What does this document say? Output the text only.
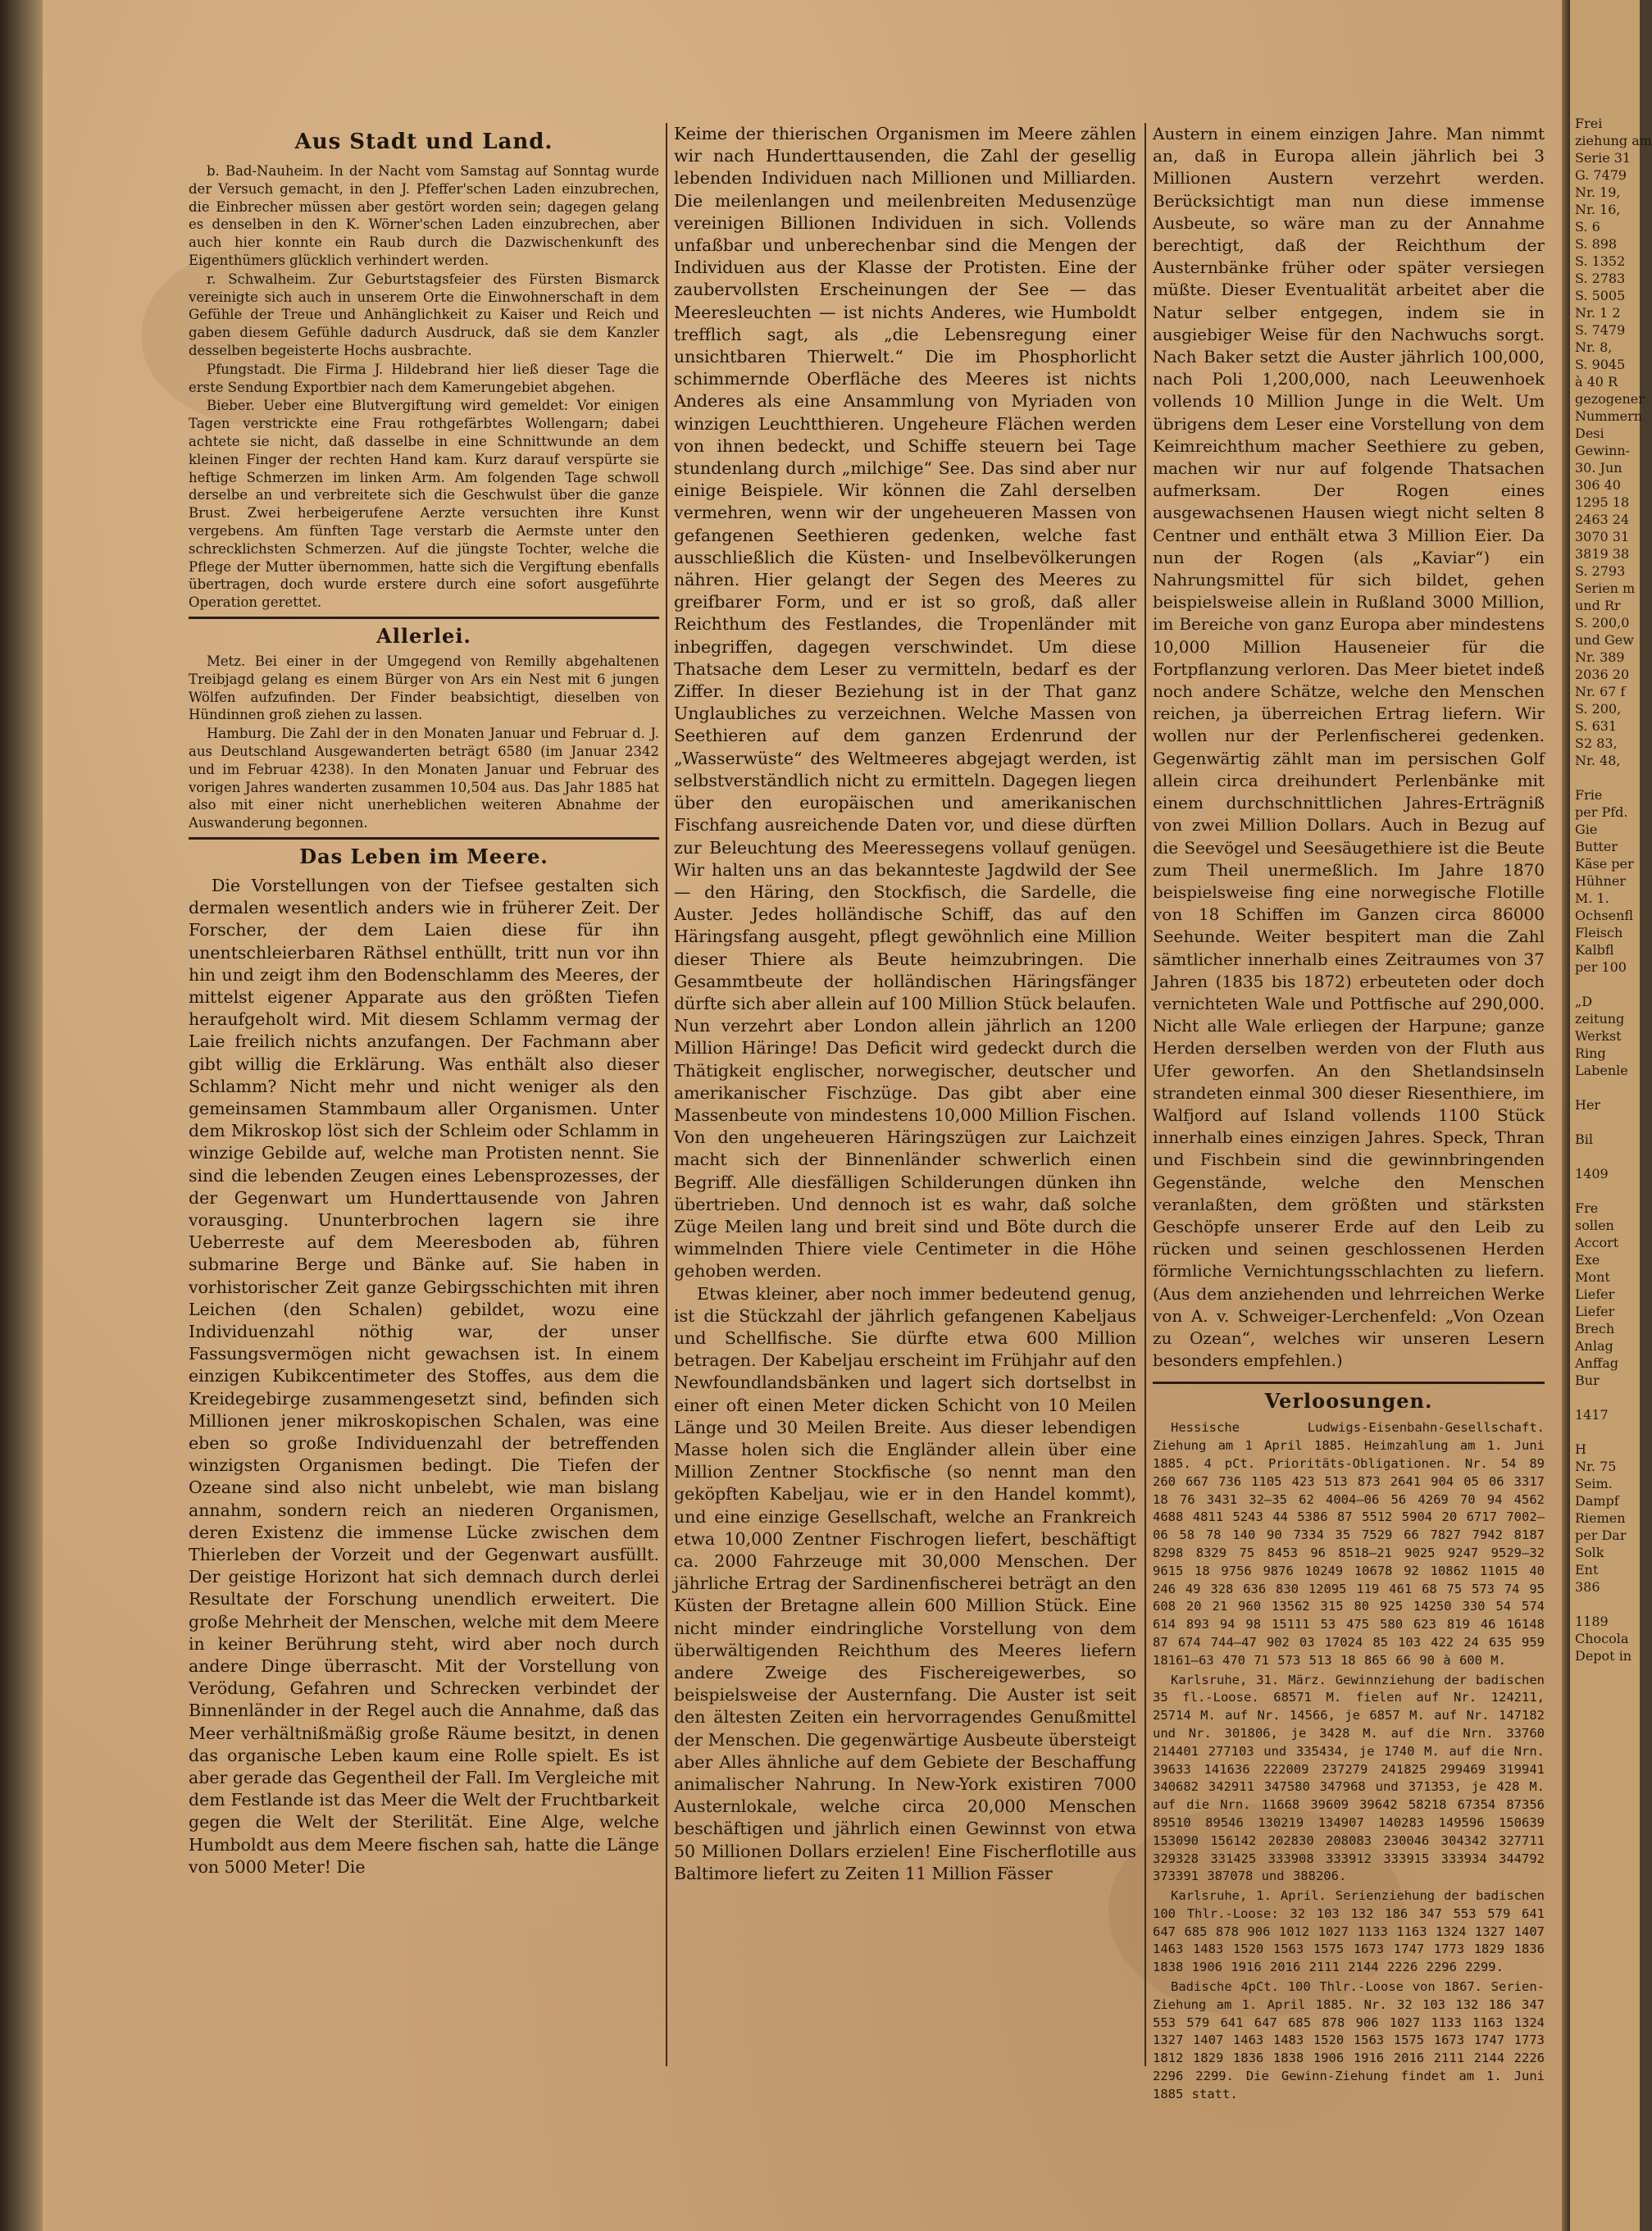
Aus Stadt und Land.

b. Bad-Nauheim. In der Nacht vom Samstag auf Sonntag wurde der Versuch gemacht, in den J. Pfeffer'schen Laden einzubrechen, die Einbrecher müssen aber gestört worden sein; dagegen gelang es denselben in den K. Wörner'schen Laden einzubrechen, aber auch hier konnte ein Raub durch die Dazwischenkunft des Eigenthümers glücklich verhindert werden.

r. Schwalheim. Zur Geburtstagsfeier des Fürsten Bismarck vereinigte sich auch in unserem Orte die Einwohnerschaft in dem Gefühle der Treue und Anhänglichkeit zu Kaiser und Reich und gaben diesem Gefühle dadurch Ausdruck, daß sie dem Kanzler desselben begeisterte Hochs ausbrachte.

Pfungstadt. Die Firma J. Hildebrand hier ließ dieser Tage die erste Sendung Exportbier nach dem Kamerungebiet abgehen.

Bieber. Ueber eine Blutvergiftung wird gemeldet: Vor einigen Tagen verstrickte eine Frau rothgefärbtes Wollengarn; dabei achtete sie nicht, daß dasselbe in eine Schnittwunde an dem kleinen Finger der rechten Hand kam. Kurz darauf verspürte sie heftige Schmerzen im linken Arm. Am folgenden Tage schwoll derselbe an und verbreitete sich die Geschwulst über die ganze Brust. Zwei herbeigerufene Aerzte versuchten ihre Kunst vergebens. Am fünften Tage verstarb die Aermste unter den schrecklichsten Schmerzen. Auf die jüngste Tochter, welche die Pflege der Mutter übernommen, hatte sich die Vergiftung ebenfalls übertragen, doch wurde erstere durch eine sofort ausgeführte Operation gerettet.

Allerlei.

Metz. Bei einer in der Umgegend von Remilly abgehaltenen Treibjagd gelang es einem Bürger von Ars ein Nest mit 6 jungen Wölfen aufzufinden. Der Finder beabsichtigt, dieselben von Hündinnen groß ziehen zu lassen.

Hamburg. Die Zahl der in den Monaten Januar und Februar d. J. aus Deutschland Ausgewanderten beträgt 6580 (im Januar 2342 und im Februar 4238). In den Monaten Januar und Februar des vorigen Jahres wanderten zusammen 10,504 aus. Das Jahr 1885 hat also mit einer nicht unerheblichen weiteren Abnahme der Auswanderung begonnen.

Das Leben im Meere.

Die Vorstellungen von der Tiefsee gestalten sich dermalen wesentlich anders wie in früherer Zeit. Der Forscher, der dem Laien diese für ihn unentschleierbaren Räthsel enthüllt, tritt nun vor ihn hin und zeigt ihm den Bodenschlamm des Meeres, der mittelst eigener Apparate aus den größten Tiefen heraufgeholt wird. Mit diesem Schlamm vermag der Laie freilich nichts anzufangen. Der Fachmann aber gibt willig die Erklärung. Was enthält also dieser Schlamm? Nicht mehr und nicht weniger als den gemeinsamen Stammbaum aller Organismen. Unter dem Mikroskop löst sich der Schleim oder Schlamm in winzige Gebilde auf, welche man Protisten nennt. Sie sind die lebenden Zeugen eines Lebensprozesses, der der Gegenwart um Hunderttausende von Jahren vorausging. Ununterbrochen lagern sie ihre Ueberreste auf dem Meeresboden ab, führen submarine Berge und Bänke auf. Sie haben in vorhistorischer Zeit ganze Gebirgsschichten mit ihren Leichen (den Schalen) gebildet, wozu eine Individuenzahl nöthig war, der unser Fassungsvermögen nicht gewachsen ist. In einem einzigen Kubikcentimeter des Stoffes, aus dem die Kreidegebirge zusammengesetzt sind, befinden sich Millionen jener mikroskopischen Schalen, was eine eben so große Individuenzahl der betreffenden winzigsten Organismen bedingt. Die Tiefen der Ozeane sind also nicht unbelebt, wie man bislang annahm, sondern reich an niederen Organismen, deren Existenz die immense Lücke zwischen dem Thierleben der Vorzeit und der Gegenwart ausfüllt. Der geistige Horizont hat sich demnach durch derlei Resultate der Forschung unendlich erweitert. Die große Mehrheit der Menschen, welche mit dem Meere in keiner Berührung steht, wird aber noch durch andere Dinge überrascht. Mit der Vorstellung von Verödung, Gefahren und Schrecken verbindet der Binnenländer in der Regel auch die Annahme, daß das Meer verhältnißmäßig große Räume besitzt, in denen das organische Leben kaum eine Rolle spielt. Es ist aber gerade das Gegentheil der Fall. Im Vergleiche mit dem Festlande ist das Meer die Welt der Fruchtbarkeit gegen die Welt der Sterilität. Eine Alge, welche Humboldt aus dem Meere fischen sah, hatte die Länge von 5000 Meter! Die

Keime der thierischen Organismen im Meere zählen wir nach Hunderttausenden, die Zahl der gesellig lebenden Individuen nach Millionen und Milliarden. Die meilenlangen und meilenbreiten Medusenzüge vereinigen Billionen Individuen in sich. Vollends unfaßbar und unberechenbar sind die Mengen der Individuen aus der Klasse der Protisten. Eine der zaubervollsten Erscheinungen der See — das Meeresleuchten — ist nichts Anderes, wie Humboldt trefflich sagt, als „die Lebensregung einer unsichtbaren Thierwelt.“ Die im Phosphorlicht schimmernde Oberfläche des Meeres ist nichts Anderes als eine Ansammlung von Myriaden von winzigen Leuchtthieren. Ungeheure Flächen werden von ihnen bedeckt, und Schiffe steuern bei Tage stundenlang durch „milchige“ See. Das sind aber nur einige Beispiele. Wir können die Zahl derselben vermehren, wenn wir der ungeheueren Massen von gefangenen Seethieren gedenken, welche fast ausschließlich die Küsten- und Inselbevölkerungen nähren. Hier gelangt der Segen des Meeres zu greifbarer Form, und er ist so groß, daß aller Reichthum des Festlandes, die Tropenländer mit inbegriffen, dagegen verschwindet. Um diese Thatsache dem Leser zu vermitteln, bedarf es der Ziffer. In dieser Beziehung ist in der That ganz Unglaubliches zu verzeichnen. Welche Massen von Seethieren auf dem ganzen Erdenrund der „Wasserwüste“ des Weltmeeres abgejagt werden, ist selbstverständlich nicht zu ermitteln. Dagegen liegen über den europäischen und amerikanischen Fischfang ausreichende Daten vor, und diese dürften zur Beleuchtung des Meeressegens vollauf genügen. Wir halten uns an das bekannteste Jagdwild der See — den Häring, den Stockfisch, die Sardelle, die Auster. Jedes holländische Schiff, das auf den Häringsfang ausgeht, pflegt gewöhnlich eine Million dieser Thiere als Beute heimzubringen. Die Gesammtbeute der holländischen Häringsfänger dürfte sich aber allein auf 100 Million Stück belaufen. Nun verzehrt aber London allein jährlich an 1200 Million Häringe! Das Deficit wird gedeckt durch die Thätigkeit englischer, norwegischer, deutscher und amerikanischer Fischzüge. Das gibt aber eine Massenbeute von mindestens 10,000 Million Fischen. Von den ungeheueren Häringszügen zur Laichzeit macht sich der Binnenländer schwerlich einen Begriff. Alle diesfälligen Schilderungen dünken ihn übertrieben. Und dennoch ist es wahr, daß solche Züge Meilen lang und breit sind und Böte durch die wimmelnden Thiere viele Centimeter in die Höhe gehoben werden.

Etwas kleiner, aber noch immer bedeutend genug, ist die Stückzahl der jährlich gefangenen Kabeljaus und Schellfische. Sie dürfte etwa 600 Million betragen. Der Kabeljau erscheint im Frühjahr auf den Newfoundlandsbänken und lagert sich dortselbst in einer oft einen Meter dicken Schicht von 10 Meilen Länge und 30 Meilen Breite. Aus dieser lebendigen Masse holen sich die Engländer allein über eine Million Zentner Stockfische (so nennt man den geköpften Kabeljau, wie er in den Handel kommt), und eine einzige Gesellschaft, welche an Frankreich etwa 10,000 Zentner Fischrogen liefert, beschäftigt ca. 2000 Fahrzeuge mit 30,000 Menschen. Der jährliche Ertrag der Sardinenfischerei beträgt an den Küsten der Bretagne allein 600 Million Stück. Eine nicht minder eindringliche Vorstellung von dem überwältigenden Reichthum des Meeres liefern andere Zweige des Fischereigewerbes, so beispielsweise der Austernfang. Die Auster ist seit den ältesten Zeiten ein hervorragendes Genußmittel der Menschen. Die gegenwärtige Ausbeute übersteigt aber Alles ähnliche auf dem Gebiete der Beschaffung animalischer Nahrung. In New-York existiren 7000 Austernlokale, welche circa 20,000 Menschen beschäftigen und jährlich einen Gewinnst von etwa 50 Millionen Dollars erzielen! Eine Fischerflotille aus Baltimore liefert zu Zeiten 11 Million Fässer

Austern in einem einzigen Jahre. Man nimmt an, daß in Europa allein jährlich bei 3 Millionen Austern verzehrt werden. Berücksichtigt man nun diese immense Ausbeute, so wäre man zu der Annahme berechtigt, daß der Reichthum der Austernbänke früher oder später versiegen müßte. Dieser Eventualität arbeitet aber die Natur selber entgegen, indem sie in ausgiebiger Weise für den Nachwuchs sorgt. Nach Baker setzt die Auster jährlich 100,000, nach Poli 1,200,000, nach Leeuwenhoek vollends 10 Million Junge in die Welt. Um übrigens dem Leser eine Vorstellung von dem Keimreichthum macher Seethiere zu geben, machen wir nur auf folgende Thatsachen aufmerksam. Der Rogen eines ausgewachsenen Hausen wiegt nicht selten 8 Centner und enthält etwa 3 Million Eier. Da nun der Rogen (als „Kaviar“) ein Nahrungsmittel für sich bildet, gehen beispielsweise allein in Rußland 3000 Million, im Bereiche von ganz Europa aber mindestens 10,000 Million Hauseneier für die Fortpflanzung verloren. Das Meer bietet indeß noch andere Schätze, welche den Menschen reichen, ja überreichen Ertrag liefern. Wir wollen nur der Perlenfischerei gedenken. Gegenwärtig zählt man im persischen Golf allein circa dreihundert Perlenbänke mit einem durchschnittlichen Jahres-Erträgniß von zwei Million Dollars. Auch in Bezug auf die Seevögel und Seesäugethiere ist die Beute zum Theil unermeßlich. Im Jahre 1870 beispielsweise fing eine norwegische Flotille von 18 Schiffen im Ganzen circa 86000 Seehunde. Weiter bespitert man die Zahl sämtlicher innerhalb eines Zeitraumes von 37 Jahren (1835 bis 1872) erbeuteten oder doch vernichteten Wale und Pottfische auf 290,000. Nicht alle Wale erliegen der Harpune; ganze Herden derselben werden von der Fluth aus Ufer geworfen. An den Shetlandsinseln strandeten einmal 300 dieser Riesenthiere, im Walfjord auf Island vollends 1100 Stück innerhalb eines einzigen Jahres. Speck, Thran und Fischbein sind die gewinnbringenden Gegenstände, welche den Menschen veranlaßten, dem größten und stärksten Geschöpfe unserer Erde auf den Leib zu rücken und seinen geschlossenen Herden förmliche Vernichtungsschlachten zu liefern. (Aus dem anziehenden und lehrreichen Werke von A. v. Schweiger-Lerchenfeld: „Von Ozean zu Ozean“, welches wir unseren Lesern besonders empfehlen.)

Verloosungen.

Hessische Ludwigs-Eisenbahn-Gesellschaft. Ziehung am 1 April 1885. Heimzahlung am 1. Juni 1885. 4 pCt. Prioritäts-Obligationen. Nr. 54 89 260 667 736 1105 423 513 873 2641 904 05 06 3317 18 76 3431 32—35 62 4004—06 56 4269 70 94 4562 4688 4811 5243 44 5386 87 5512 5904 20 6717 7002—06 58 78 140 90 7334 35 7529 66 7827 7942 8187 8298 8329 75 8453 96 8518—21 9025 9247 9529—32 9615 18 9756 9876 10249 10678 92 10862 11015 40 246 49 328 636 830 12095 119 461 68 75 573 74 95 608 20 21 960 13562 315 80 925 14250 330 54 574 614 893 94 98 15111 53 475 580 623 819 46 16148 87 674 744—47 902 03 17024 85 103 422 24 635 959 18161—63 470 71 573 513 18 865 66 90 à 600 M.

Karlsruhe, 31. März. Gewinnziehung der badischen 35 fl.-Loose. 68571 M. fielen auf Nr. 124211, 25714 M. auf Nr. 14566, je 6857 M. auf Nr. 147182 und Nr. 301806, je 3428 M. auf die Nrn. 33760 214401 277103 und 335434, je 1740 M. auf die Nrn. 39633 141636 222009 237279 241825 299469 319941 340682 342911 347580 347968 und 371353, je 428 M. auf die Nrn. 11668 39609 39642 58218 67354 87356 89510 89546 130219 134907 140283 149596 150639 153090 156142 202830 208083 230046 304342 327711 329328 331425 333908 333912 333915 333934 344792 373391 387078 und 388206.

Karlsruhe, 1. April. Serienziehung der badischen 100 Thlr.-Loose: 32 103 132 186 347 553 579 641 647 685 878 906 1012 1027 1133 1163 1324 1327 1407 1463 1483 1520 1563 1575 1673 1747 1773 1829 1836 1838 1906 1916 2016 2111 2144 2226 2296 2299.

Badische 4pCt. 100 Thlr.-Loose von 1867. Serien-Ziehung am 1. April 1885. Nr. 32 103 132 186 347 553 579 641 647 685 878 906 1027 1133 1163 1324 1327 1407 1463 1483 1520 1563 1575 1673 1747 1773 1812 1829 1836 1838 1906 1916 2016 2111 2144 2226 2296 2299. Die Gewinn-Ziehung findet am 1. Juni 1885 statt.

Frei
ziehung am
Serie 31
G. 7479
Nr. 19,
Nr. 16,
S. 6
S. 898
S. 1352
S. 2783
S. 5005
Nr. 1 2
S. 7479
Nr. 8,
S. 9045
à 40 R
gezogener
Nummern
Desi
Gewinn-
30. Jun
306 40
1295 18
2463 24
3070 31
3819 38
S. 2793
Serien m
und Rr
S. 200,0
und Gew
Nr. 389
2036 20
Nr. 67 f
S. 200,
S. 631
S2 83,
Nr. 48,

Frie
per Pfd.
Gie
Butter
Käse per
Hühner
M. 1.
Ochsenfl
Fleisch
Kalbfl
per 100

„D
zeitung
Werkst
Ring
Labenle

Her

Bil

1409

Fre
sollen
Accort
Exe
Mont
Liefer
Liefer
Brech
Anlag
Anffag
Bur

1417

H
Nr. 75
Seim.
Dampf
Riemen
per Dar
Solk
Ent
386

1189
Chocola
Depot in
